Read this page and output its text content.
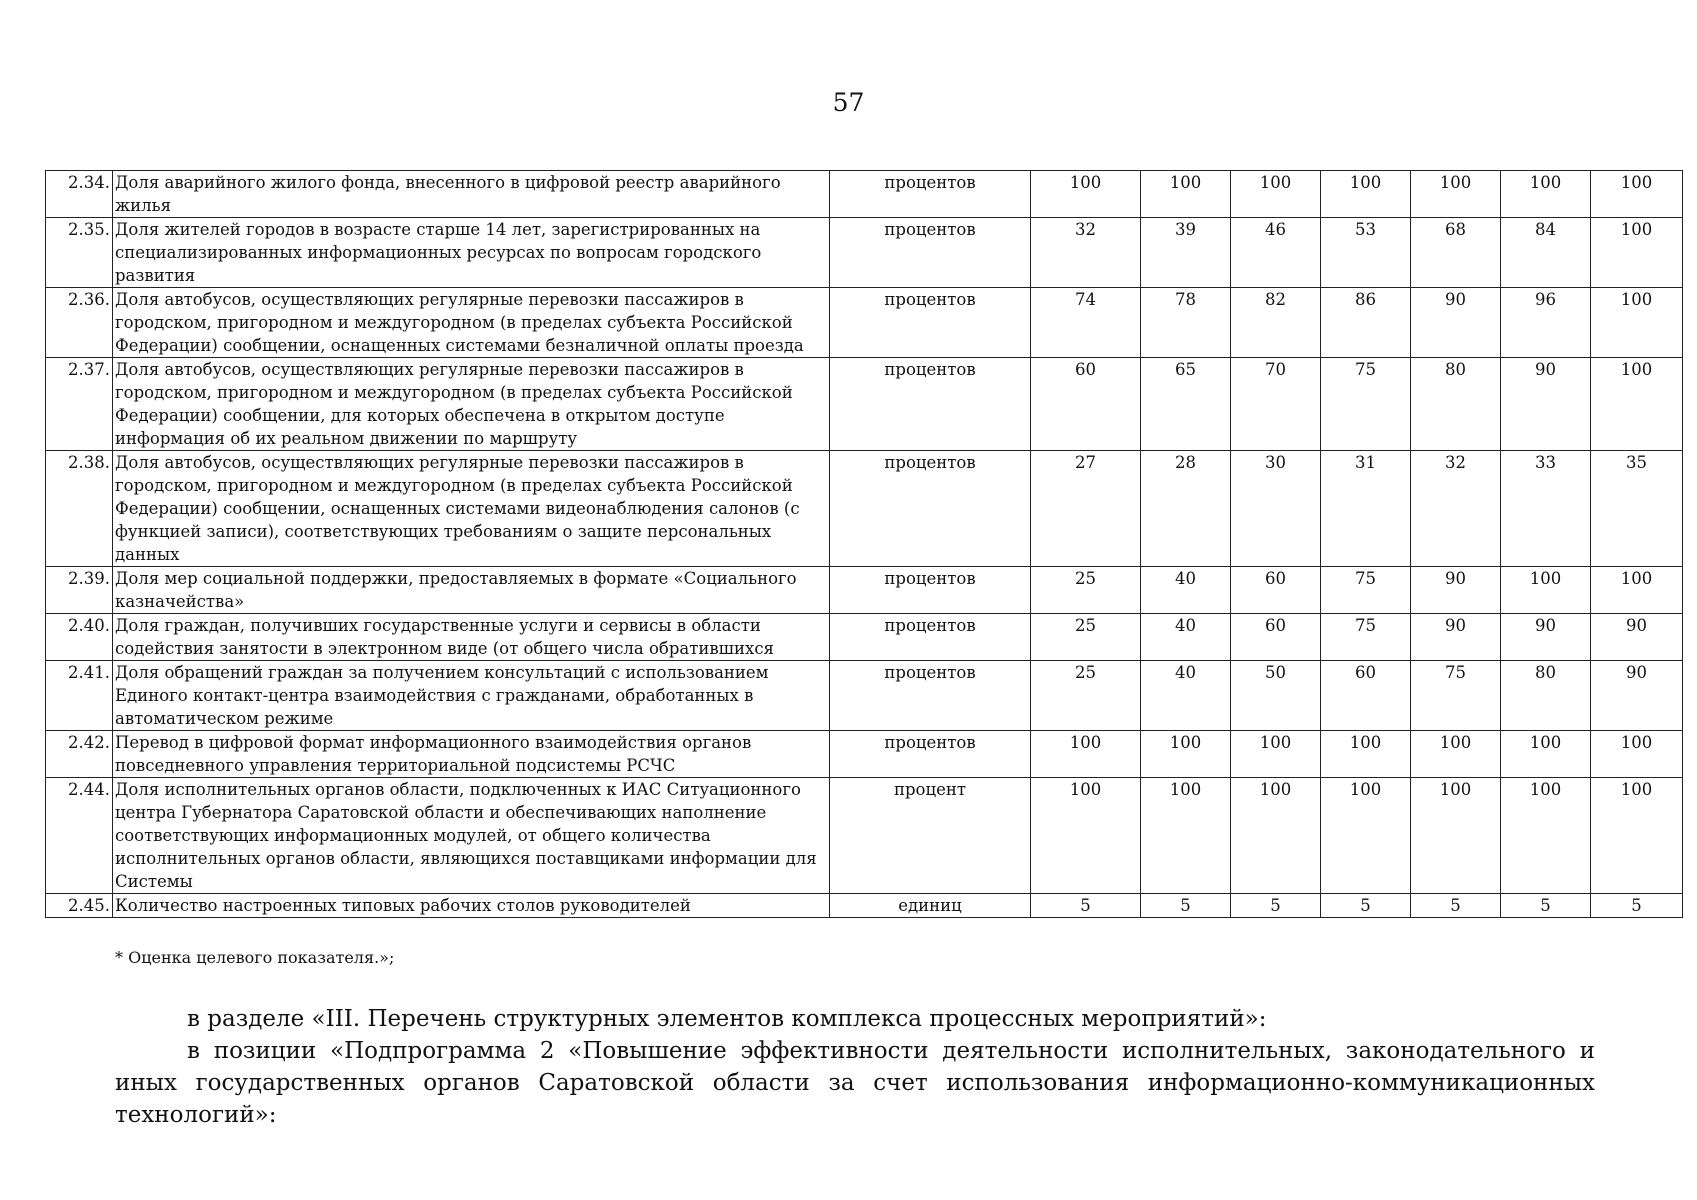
57
2.34.	Доля аварийного жилого фонда, внесенного в цифровой реестр аварийного жилья	процентов	100	100	100	100	100	100	100
2.35.	Доля жителей городов в возрасте старше 14 лет, зарегистрированных на специализированных информационных ресурсах по вопросам городского развития	процентов	32	39	46	53	68	84	100
2.36.	Доля автобусов, осуществляющих регулярные перевозки пассажиров в городском, пригородном и междугородном (в пределах субъекта Российской Федерации) сообщении, оснащенных системами безналичной оплаты проезда	процентов	74	78	82	86	90	96	100
2.37.	Доля автобусов, осуществляющих регулярные перевозки пассажиров в городском, пригородном и междугородном (в пределах субъекта Российской Федерации) сообщении, для которых обеспечена в открытом доступе информация об их реальном движении по маршруту	процентов	60	65	70	75	80	90	100
2.38.	Доля автобусов, осуществляющих регулярные перевозки пассажиров в городском, пригородном и междугородном (в пределах субъекта Российской Федерации) сообщении, оснащенных системами видеонаблюдения салонов (с функцией записи), соответствующих требованиям о защите персональных данных	процентов	27	28	30	31	32	33	35
2.39.	Доля мер социальной поддержки, предоставляемых в формате «Социального казначейства»	процентов	25	40	60	75	90	100	100
2.40.	Доля граждан, получивших государственные услуги и сервисы в области содействия занятости в электронном виде (от общего числа обратившихся	процентов	25	40	60	75	90	90	90
2.41.	Доля обращений граждан за получением консультаций с использованием Единого контакт-центра взаимодействия с гражданами, обработанных в автоматическом режиме	процентов	25	40	50	60	75	80	90
2.42.	Перевод в цифровой формат информационного взаимодействия органов повседневного управления территориальной подсистемы РСЧС	процентов	100	100	100	100	100	100	100
2.44.	Доля исполнительных органов области, подключенных к ИАС Ситуационного центра Губернатора Саратовской области и обеспечивающих наполнение соответствующих информационных модулей, от общего количества исполнительных органов области, являющихся поставщиками информации для Системы	процент	100	100	100	100	100	100	100
2.45.	Количество настроенных типовых рабочих столов руководителей	единиц	5	5	5	5	5	5	5
* Оценка целевого показателя.»;
в разделе «III. Перечень структурных элементов комплекса процессных мероприятий»:
в позиции «Подпрограмма 2 «Повышение эффективности деятельности исполнительных, законодательного и иных государственных органов Саратовской области за счет использования информационно-коммуникационных технологий»:
